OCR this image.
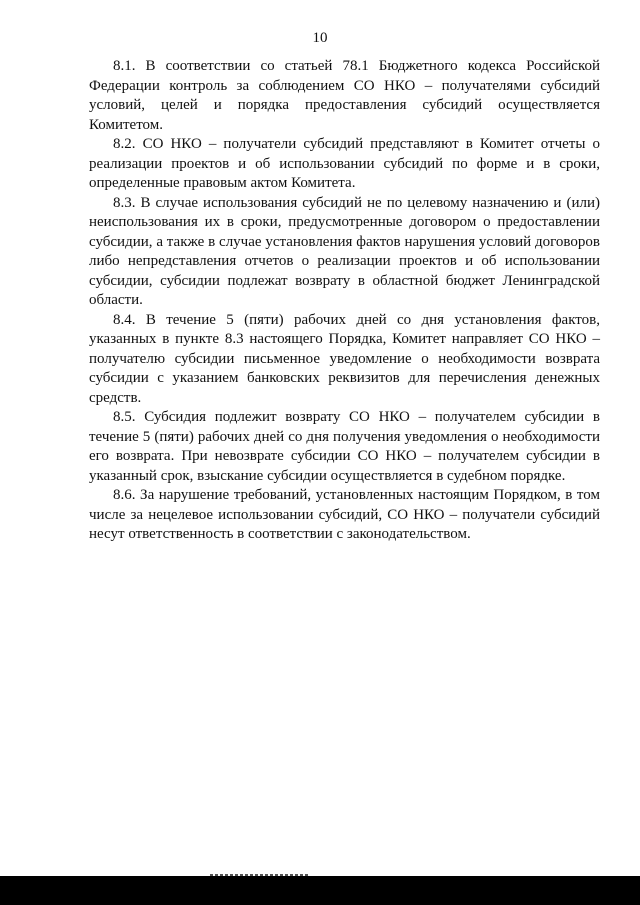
10

8.1. В соответствии со статьей 78.1 Бюджетного кодекса Российской Федерации контроль за соблюдением СО НКО – получателями субсидий условий, целей и порядка предоставления субсидий осуществляется Комитетом.

8.2. СО НКО – получатели субсидий представляют в Комитет отчеты о реализации проектов и об использовании субсидий по форме и в сроки, определенные правовым актом Комитета.

8.3. В случае использования субсидий не по целевому назначению и (или) неиспользования их в сроки, предусмотренные договором о предоставлении субсидии, а также в случае установления фактов нарушения условий договоров либо непредставления отчетов о реализации проектов и об использовании субсидии, субсидии подлежат возврату в областной бюджет Ленинградской области.

8.4. В течение 5 (пяти) рабочих дней со дня установления фактов, указанных в пункте 8.3 настоящего Порядка, Комитет направляет СО НКО – получателю субсидии письменное уведомление о необходимости возврата субсидии с указанием банковских реквизитов для перечисления денежных средств.

8.5. Субсидия подлежит возврату СО НКО – получателем субсидии в течение 5 (пяти) рабочих дней со дня получения уведомления о необходимости его возврата. При невозврате субсидии СО НКО – получателем субсидии в указанный срок, взыскание субсидии осуществляется в судебном порядке.

8.6. За нарушение требований, установленных настоящим Порядком, в том числе за нецелевое использовании субсидий, СО НКО – получатели субсидий несут ответственность в соответствии с законодательством.
